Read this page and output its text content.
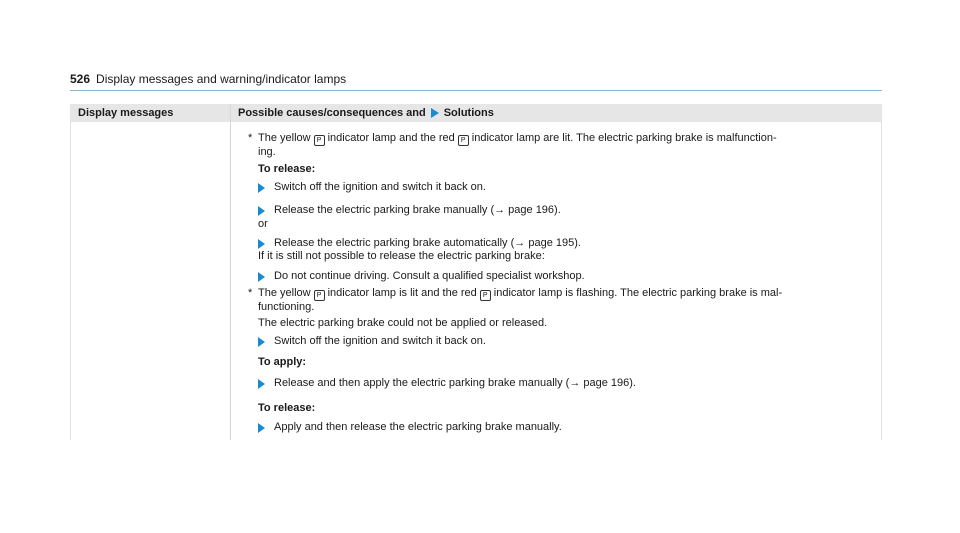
526 Display messages and warning/indicator lamps
Display messages	Possible causes/consequences and Solutions
* The yellow P indicator lamp and the red P indicator lamp are lit. The electric parking brake is malfunction-
ing.
To release:
Switch off the ignition and switch it back on.
Release the electric parking brake manually (→ page 196).
or
Release the electric parking brake automatically (→ page 195).
If it is still not possible to release the electric parking brake:
Do not continue driving. Consult a qualified specialist workshop.
* The yellow P indicator lamp is lit and the red P indicator lamp is flashing. The electric parking brake is mal-
functioning.
The electric parking brake could not be applied or released.
Switch off the ignition and switch it back on.
To apply:
Release and then apply the electric parking brake manually (→ page 196).
To release:
Apply and then release the electric parking brake manually.
